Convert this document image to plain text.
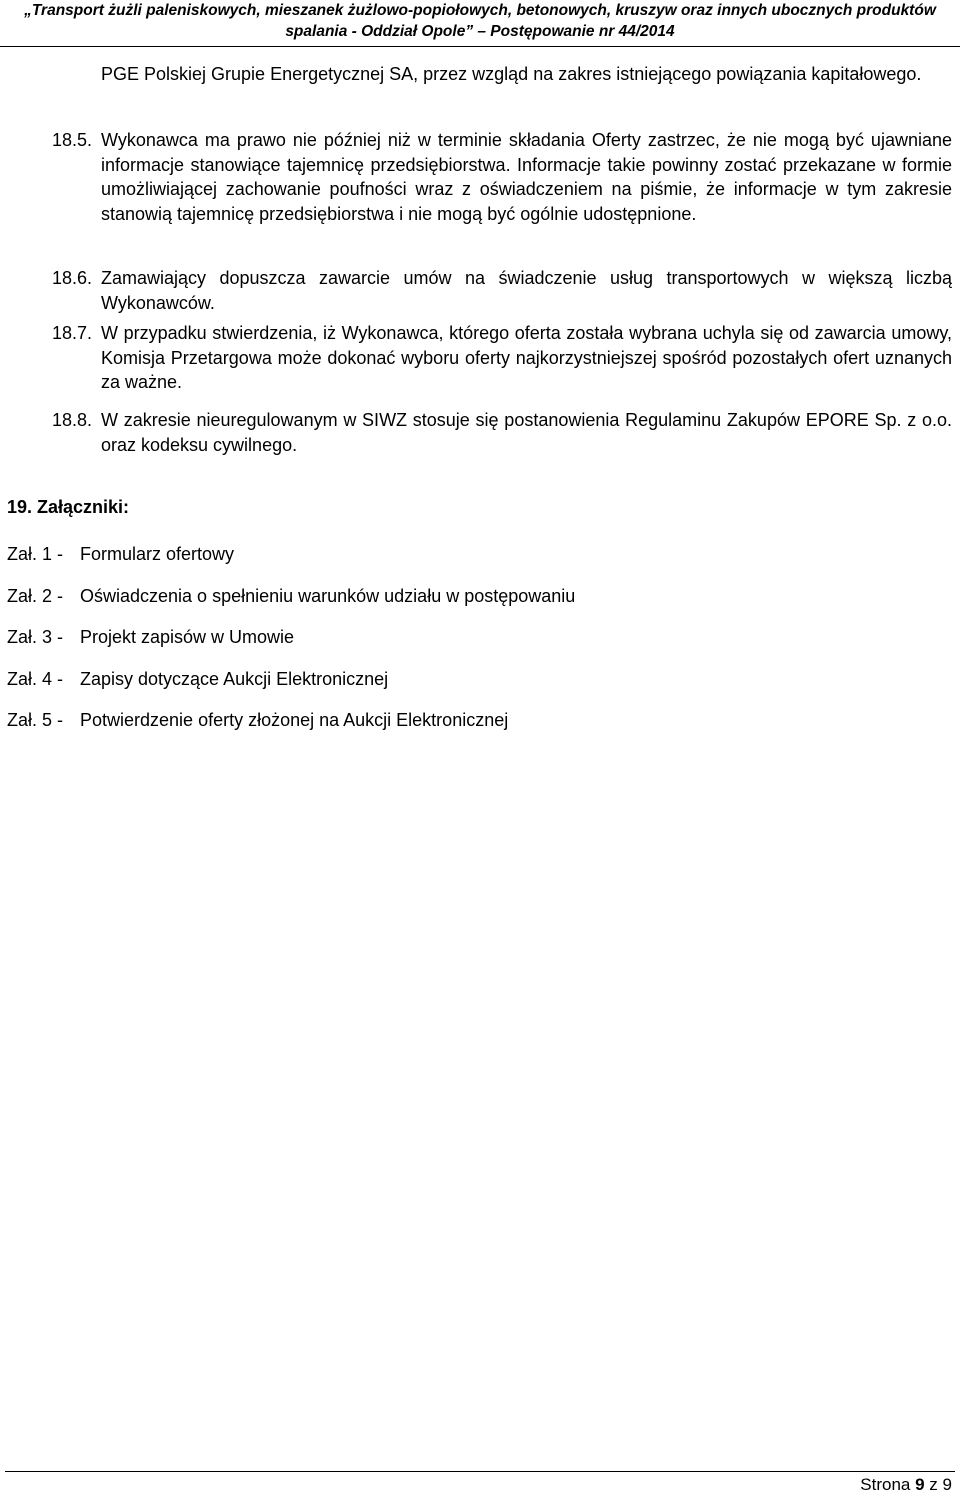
„Transport żużli paleniskowych, mieszanek żużlowo-popiołowych, betonowych, kruszyw oraz innych ubocznych produktów
spalania - Oddział Opole” – Postępowanie nr 44/2014
PGE Polskiej Grupie Energetycznej SA, przez wzgląd na zakres istniejącego powiązania kapitałowego.
18.5. Wykonawca ma prawo nie później niż w terminie składania Oferty zastrzec, że nie mogą być ujawniane informacje stanowiące tajemnicę przedsiębiorstwa. Informacje takie powinny zostać przekazane w formie umożliwiającej zachowanie poufności wraz z oświadczeniem na piśmie, że informacje w tym zakresie stanowią tajemnicę przedsiębiorstwa i nie mogą być ogólnie udostępnione.
18.6. Zamawiający dopuszcza zawarcie umów na świadczenie usług transportowych w większą liczbą Wykonawców.
18.7. W przypadku stwierdzenia, iż Wykonawca, którego oferta została wybrana uchyla się od zawarcia umowy, Komisja Przetargowa może dokonać wyboru oferty najkorzystniejszej spośród pozostałych ofert uznanych za ważne.
18.8. W zakresie nieuregulowanym w SIWZ stosuje się postanowienia Regulaminu Zakupów EPORE Sp. z o.o. oraz kodeksu cywilnego.
19. Załączniki:
Zał. 1 - Formularz ofertowy
Zał. 2 - Oświadczenia o spełnieniu warunków udziału w postępowaniu
Zał. 3 - Projekt zapisów w Umowie
Zał. 4 - Zapisy dotyczące Aukcji Elektronicznej
Zał. 5 - Potwierdzenie oferty złożonej na Aukcji Elektronicznej
Strona 9 z 9
